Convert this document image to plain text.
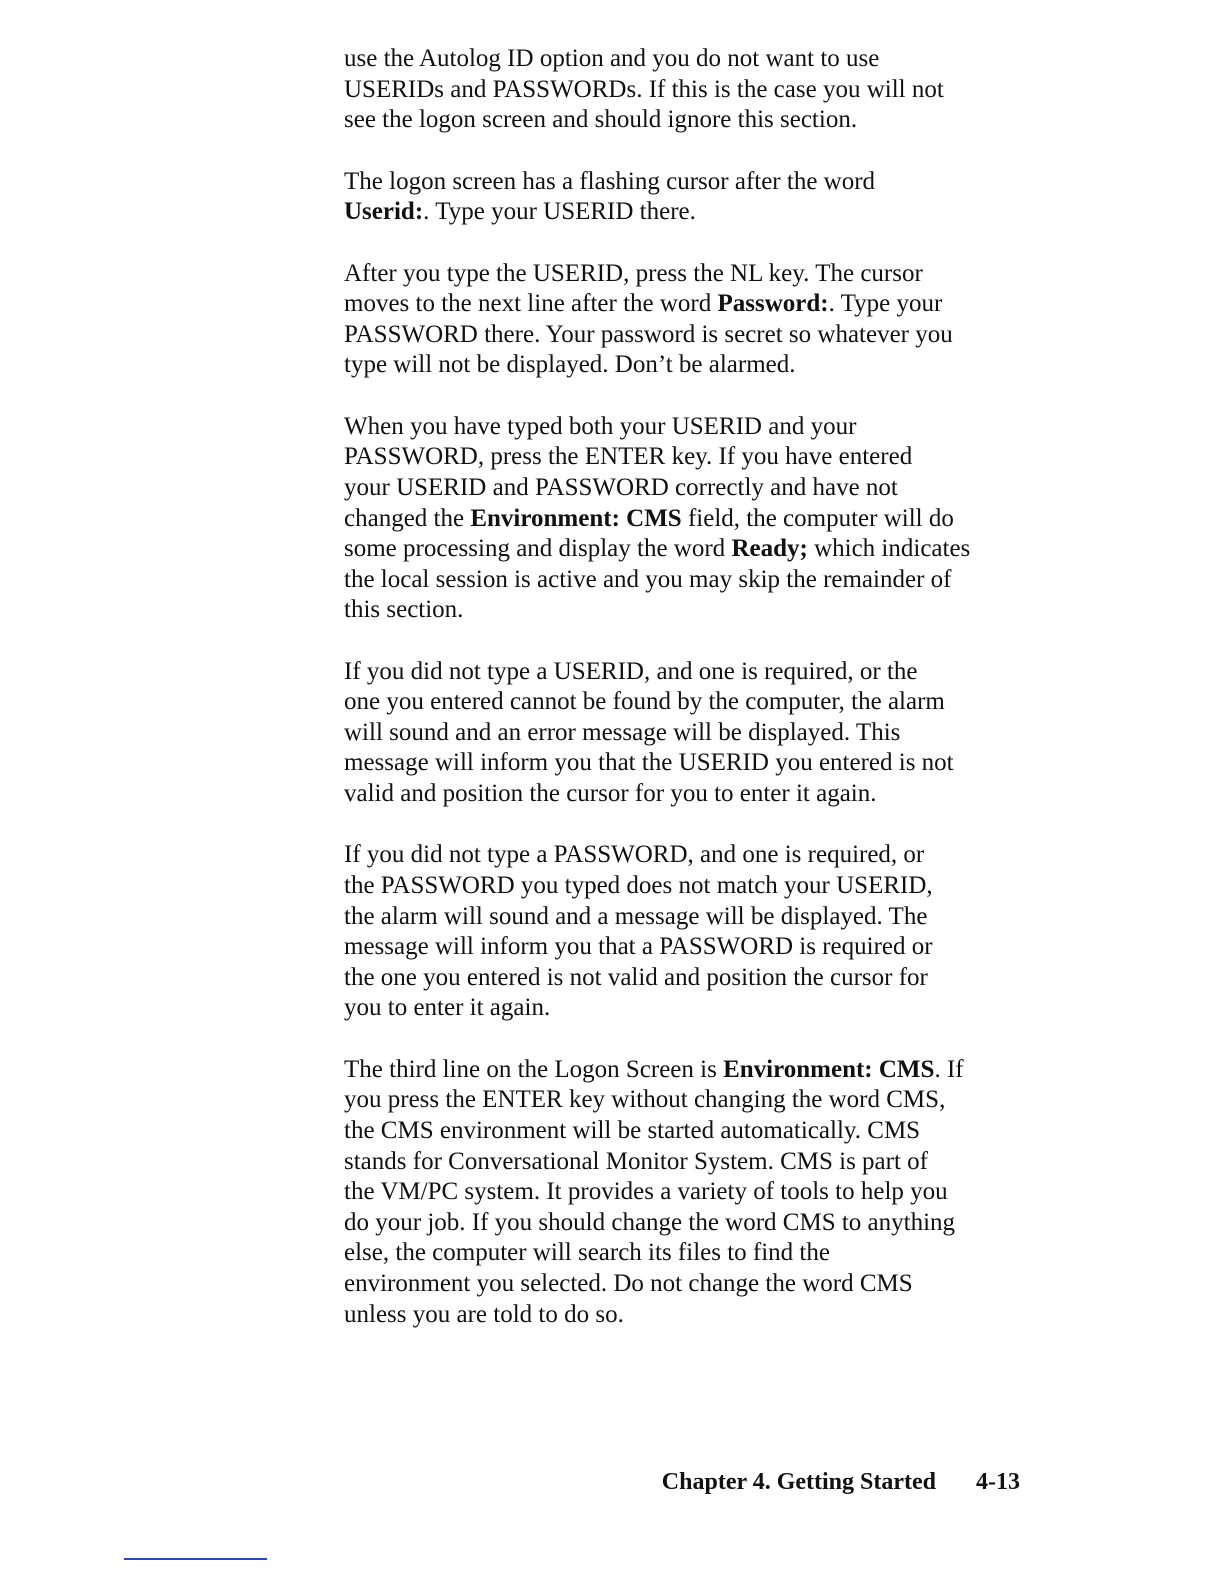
use the Autolog ID option and you do not want to use
USERIDs and PASSWORDs. If this is the case you will not
see the logon screen and should ignore this section.

The logon screen has a flashing cursor after the word
Userid:. Type your USERID there.

After you type the USERID, press the NL key. The cursor
moves to the next line after the word Password:. Type your
PASSWORD there. Your password is secret so whatever you
type will not be displayed. Don’t be alarmed.

When you have typed both your USERID and your
PASSWORD, press the ENTER key. If you have entered
your USERID and PASSWORD correctly and have not
changed the Environment: CMS field, the computer will do
some processing and display the word Ready; which indicates
the local session is active and you may skip the remainder of
this section.

If you did not type a USERID, and one is required, or the
one you entered cannot be found by the computer, the alarm
will sound and an error message will be displayed. This
message will inform you that the USERID you entered is not
valid and position the cursor for you to enter it again.

If you did not type a PASSWORD, and one is required, or
the PASSWORD you typed does not match your USERID,
the alarm will sound and a message will be displayed. The
message will inform you that a PASSWORD is required or
the one you entered is not valid and position the cursor for
you to enter it again.

The third line on the Logon Screen is Environment: CMS. If
you press the ENTER key without changing the word CMS,
the CMS environment will be started automatically. CMS
stands for Conversational Monitor System. CMS is part of
the VM/PC system. It provides a variety of tools to help you
do your job. If you should change the word CMS to anything
else, the computer will search its files to find the
environment you selected. Do not change the word CMS
unless you are told to do so.

Chapter 4. Getting Started 4-13
